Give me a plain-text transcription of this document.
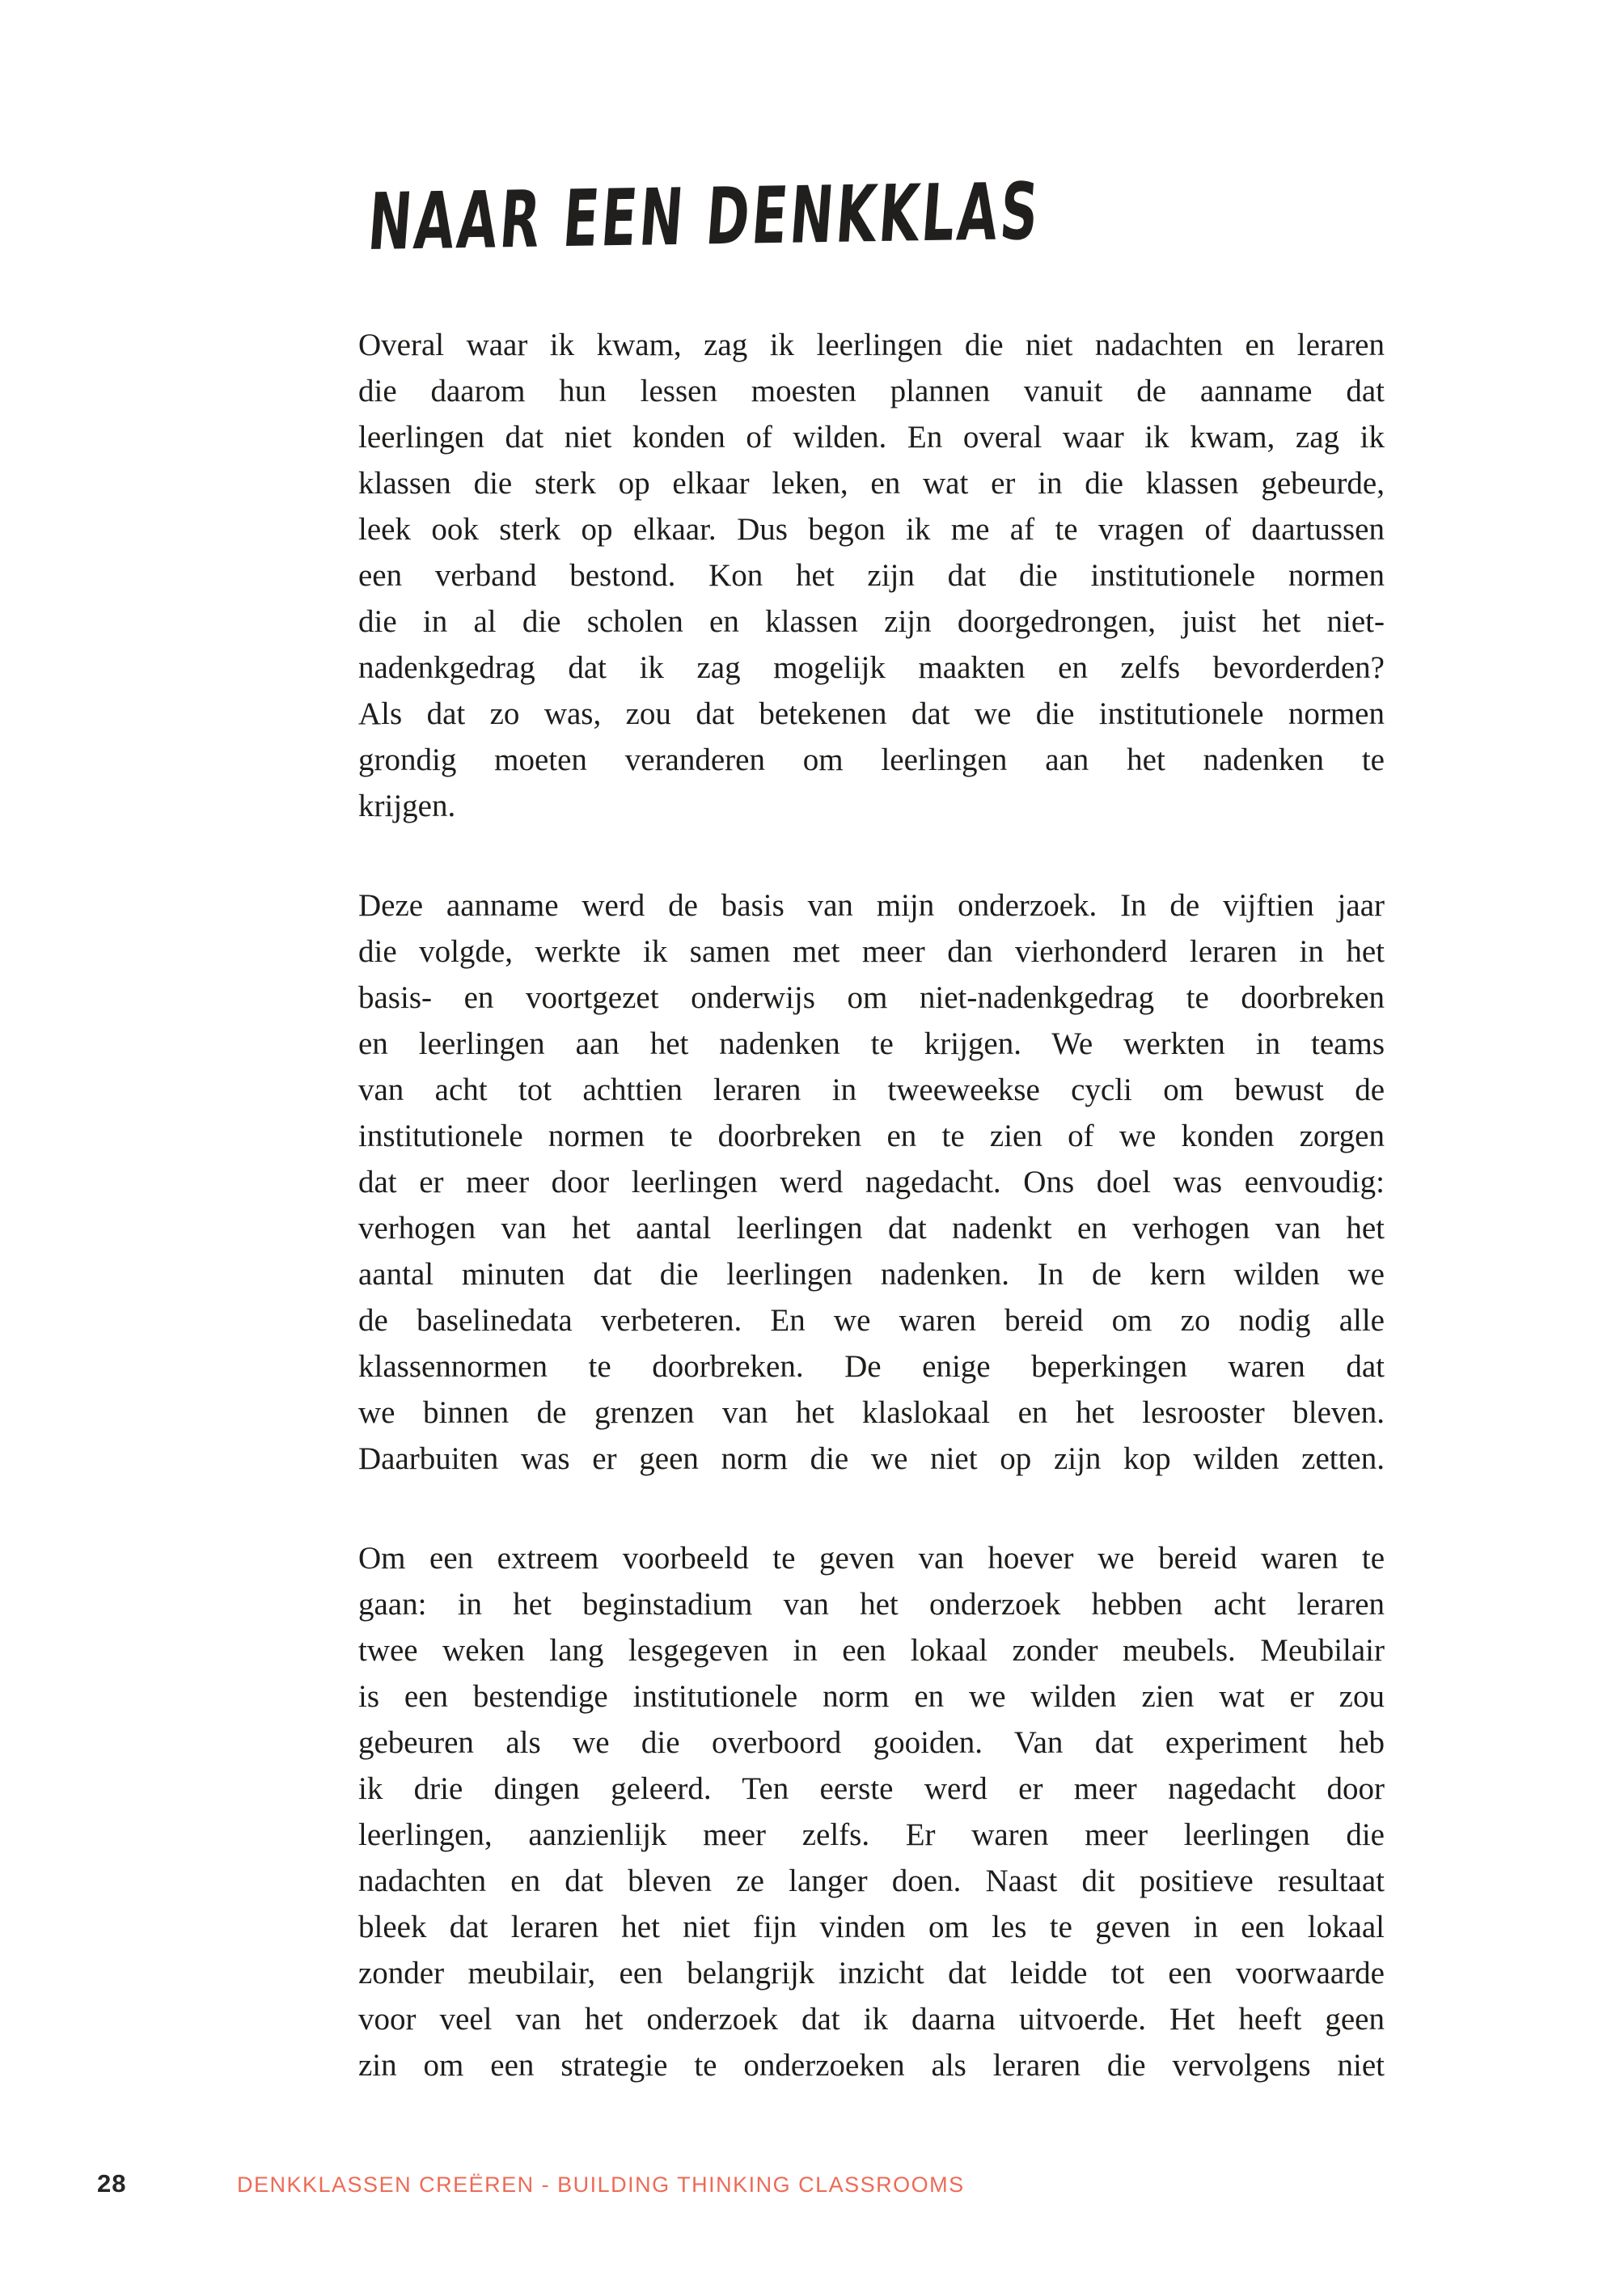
NAAR EEN DENKKLAS
Overal waar ik kwam, zag ik leerlingen die niet nadachten en leraren
die daarom hun lessen moesten plannen vanuit de aanname dat
leerlingen dat niet konden of wilden. En overal waar ik kwam, zag ik
klassen die sterk op elkaar leken, en wat er in die klassen gebeurde,
leek ook sterk op elkaar. Dus begon ik me af te vragen of daartussen
een verband bestond. Kon het zijn dat die institutionele normen
die in al die scholen en klassen zijn doorgedrongen, juist het niet-
nadenkgedrag dat ik zag mogelijk maakten en zelfs bevorderden?
Als dat zo was, zou dat betekenen dat we die institutionele normen
grondig moeten veranderen om leerlingen aan het nadenken te
krijgen.
Deze aanname werd de basis van mijn onderzoek. In de vijftien jaar
die volgde, werkte ik samen met meer dan vierhonderd leraren in het
basis- en voortgezet onderwijs om niet-nadenkgedrag te doorbreken
en leerlingen aan het nadenken te krijgen. We werkten in teams
van acht tot achttien leraren in tweeweekse cycli om bewust de
institutionele normen te doorbreken en te zien of we konden zorgen
dat er meer door leerlingen werd nagedacht. Ons doel was eenvoudig:
verhogen van het aantal leerlingen dat nadenkt en verhogen van het
aantal minuten dat die leerlingen nadenken. In de kern wilden we
de baselinedata verbeteren. En we waren bereid om zo nodig alle
klassennormen te doorbreken. De enige beperkingen waren dat
we binnen de grenzen van het klaslokaal en het lesrooster bleven.
Daarbuiten was er geen norm die we niet op zijn kop wilden zetten.
Om een extreem voorbeeld te geven van hoever we bereid waren te
gaan: in het beginstadium van het onderzoek hebben acht leraren
twee weken lang lesgegeven in een lokaal zonder meubels. Meubilair
is een bestendige institutionele norm en we wilden zien wat er zou
gebeuren als we die overboord gooiden. Van dat experiment heb
ik drie dingen geleerd. Ten eerste werd er meer nagedacht door
leerlingen, aanzienlijk meer zelfs. Er waren meer leerlingen die
nadachten en dat bleven ze langer doen. Naast dit positieve resultaat
bleek dat leraren het niet fijn vinden om les te geven in een lokaal
zonder meubilair, een belangrijk inzicht dat leidde tot een voorwaarde
voor veel van het onderzoek dat ik daarna uitvoerde. Het heeft geen
zin om een strategie te onderzoeken als leraren die vervolgens niet
28	DENKKLASSEN CREËREN - BUILDING THINKING CLASSROOMS
